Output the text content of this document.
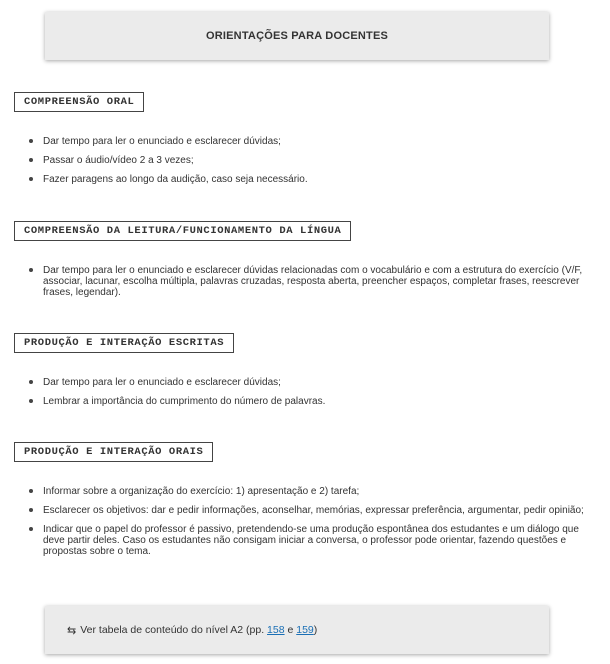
ORIENTAÇÕES PARA DOCENTES
COMPREENSÃO ORAL
Dar tempo para ler o enunciado e esclarecer dúvidas;
Passar o áudio/vídeo 2 a 3 vezes;
Fazer paragens ao longo da audição, caso seja necessário.
COMPREENSÃO DA LEITURA/FUNCIONAMENTO DA LÍNGUA
Dar tempo para ler o enunciado e esclarecer dúvidas relacionadas com o vocabulário e com a estrutura do exercício (V/F, associar, lacunar, escolha múltipla, palavras cruzadas, resposta aberta, preencher espaços, completar frases, reescrever frases, legendar).
PRODUÇÃO E INTERAÇÃO ESCRITAS
Dar tempo para ler o enunciado e esclarecer dúvidas;
Lembrar a importância do cumprimento do número de palavras.
PRODUÇÃO E INTERAÇÃO ORAIS
Informar sobre a organização do exercício: 1) apresentação e 2) tarefa;
Esclarecer os objetivos: dar e pedir informações, aconselhar, memórias, expressar preferência, argumentar, pedir opinião;
Indicar que o papel do professor é passivo, pretendendo-se uma produção espontânea dos estudantes e um diálogo que deve partir deles. Caso os estudantes não consigam iniciar a conversa, o professor pode orientar, fazendo questões e propostas sobre o tema.
⇆ Ver tabela de conteúdo do nível A2 (pp.
158
e
159 )
